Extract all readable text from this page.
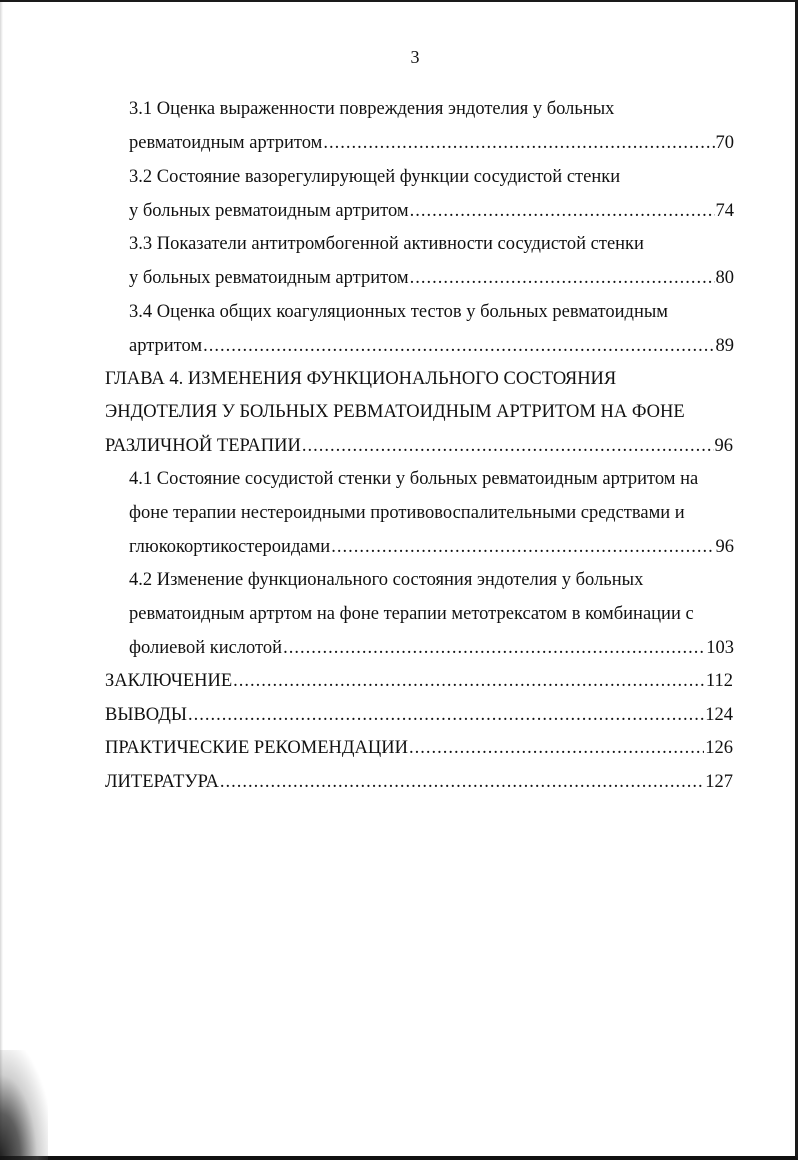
3
3.1 Оценка выраженности повреждения эндотелия у больных
ревматоидным артритом .....	70
3.2 Состояние вазорегулирующей функции сосудистой стенки
у больных ревматоидным артритом .....	74
3.3 Показатели антитромбогенной активности сосудистой стенки
у больных ревматоидным артритом .....	80
3.4 Оценка общих коагуляционных тестов у больных ревматоидным
артритом .....	89
ГЛАВА 4. ИЗМЕНЕНИЯ ФУНКЦИОНАЛЬНОГО СОСТОЯНИЯ
ЭНДОТЕЛИЯ У БОЛЬНЫХ РЕВМАТОИДНЫМ АРТРИТОМ НА ФОНЕ
РАЗЛИЧНОЙ ТЕРАПИИ .....	96
4.1 Состояние сосудистой стенки у больных ревматоидным артритом на
фоне терапии нестероидными противовоспалительными средствами и
глюкокортикостероидами .....	96
4.2 Изменение функционального состояния эндотелия у больных
ревматоидным артртом на фоне терапии метотрексатом в комбинации с
фолиевой кислотой .....	103
ЗАКЛЮЧЕНИЕ .....	112
ВЫВОДЫ .....	124
ПРАКТИЧЕСКИЕ РЕКОМЕНДАЦИИ .....	126
ЛИТЕРАТУРА .....	127
